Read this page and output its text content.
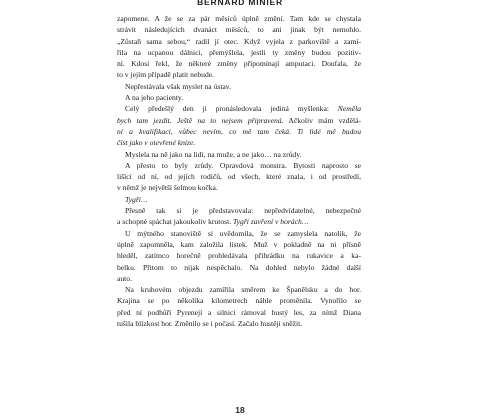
BERNARD MINIER
zapomene. A že se za pár měsíců úplně změní. Tam kde se chystala
strávit následujících dvanáct měsíců, to ani jinak být nemohlo.
„Zůstaň sama sebou,“ radil jí otec. Když vyjela z parkoviště a zamí-
řila na ucpanou dálnici, přemýšlela, jestli ty změny budou pozitiv-
ní. Kdosi řekl, že některé změny připomínají amputaci. Doufala, že
to v jejím případě platit nebude.
Nepřestávala však myslet na ústav.
A na jeho pacienty.
Celý předešlý den ji pronásledovala jediná myšlenka: Neměla
bych tam jezdit. Ještě na to nejsem připravená. Ačkoliv mám vzdělá-
ní a kvalifikaci, vůbec nevím, co mě tam čeká. Ti lidé mě budou
číst jako v otevřené knize.
Myslela na ně jako na lidi, na muže, a ne jako… na zrůdy.
A přesto to byly zrůdy. Opravdová monstra. Bytosti naprosto se
lišící od ní, od jejích rodičů, od všech, které znala, i od prostředí,
v němž je největší šelmou kočka.
Tygři…
Přesně tak si je představovala: nepředvídatelné, nebezpečné
a schopné spáchat jakoukoliv krutost. Tygři zavření v horách…
U mýtného stanoviště si uvědomila, že se zamyslela natolik, že
úplně zapomněla, kam založila lístek. Muž v pokladně na ni přísně
hleděl, zatímco horečně prohledávala přihrádku na rukavice a ka-
belku. Přitom to nijak nespěchalo. Na dohled nebylo žádné další
auto.
Na kruhovém objezdu zamířila směrem ke Španělsku a do hor.
Krajina se po několika kilometrech náhle proměnila. Vynořilo se
před ní podhůří Pyrenejí a silnici rámoval hustý les, za nímž Diana
tušila blízkost hor. Změnilo se i počasí. Začalo hustěji sněžit.
18
